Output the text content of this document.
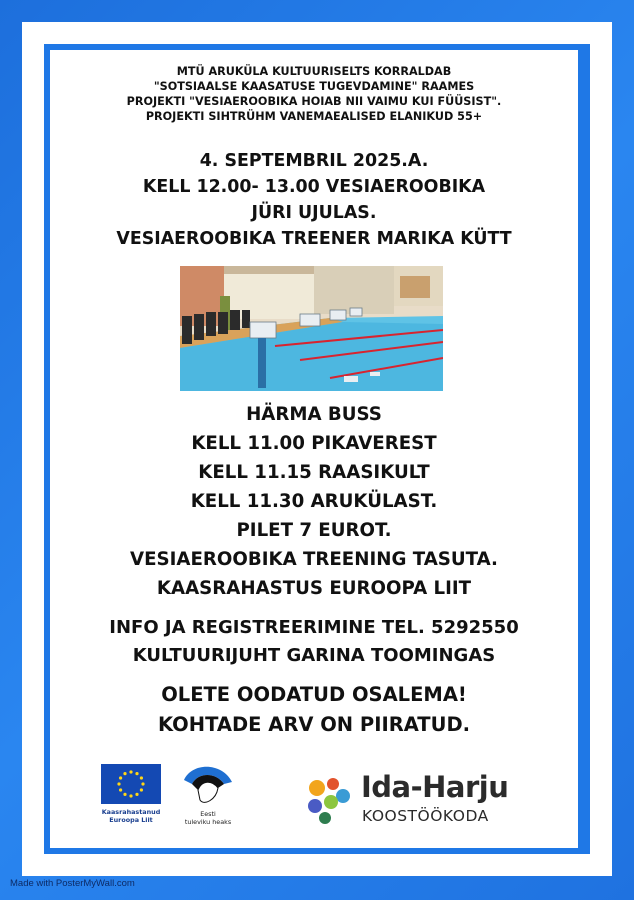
MTÜ ARUKÜLA KULTUURISELTS KORRALDAB
"SOTSIAALSE KAASATUSE TUGEVDAMINE" RAAMES
PROJEKTI "VESIAEROOBIKA HOIAB NII VAIMU KUI FÜÜSIST".
PROJEKTI SIHTRÜHM VANEMAEALISED ELANIKUD 55+
4. SEPTEMBRIL 2025.A.
KELL 12.00- 13.00 VESIAEROOBIKA
JÜRI UJULAS.
VESIAEROOBIKA TREENER MARIKA KÜTT
HÄRMA BUSS
KELL 11.00 PIKAVEREST
KELL 11.15 RAASIKULT
KELL 11.30 ARUKÜLAST.
PILET 7 EUROT.
VESIAEROOBIKA TREENING TASUTA.
KAASRAHASTUS EUROOPA LIIT
INFO JA REGISTREERIMINE TEL. 5292550
KULTUURIJUHT GARINA TOOMINGAS
OLETE OODATUD OSALEMA!
KOHTADE ARV ON PIIRATUD.
Kaasrahastanud
Euroopa Liit
Eesti
tuleviku heaks
Ida-Harju
KOOSTÖÖKODA
Made with PosterMyWall.com
